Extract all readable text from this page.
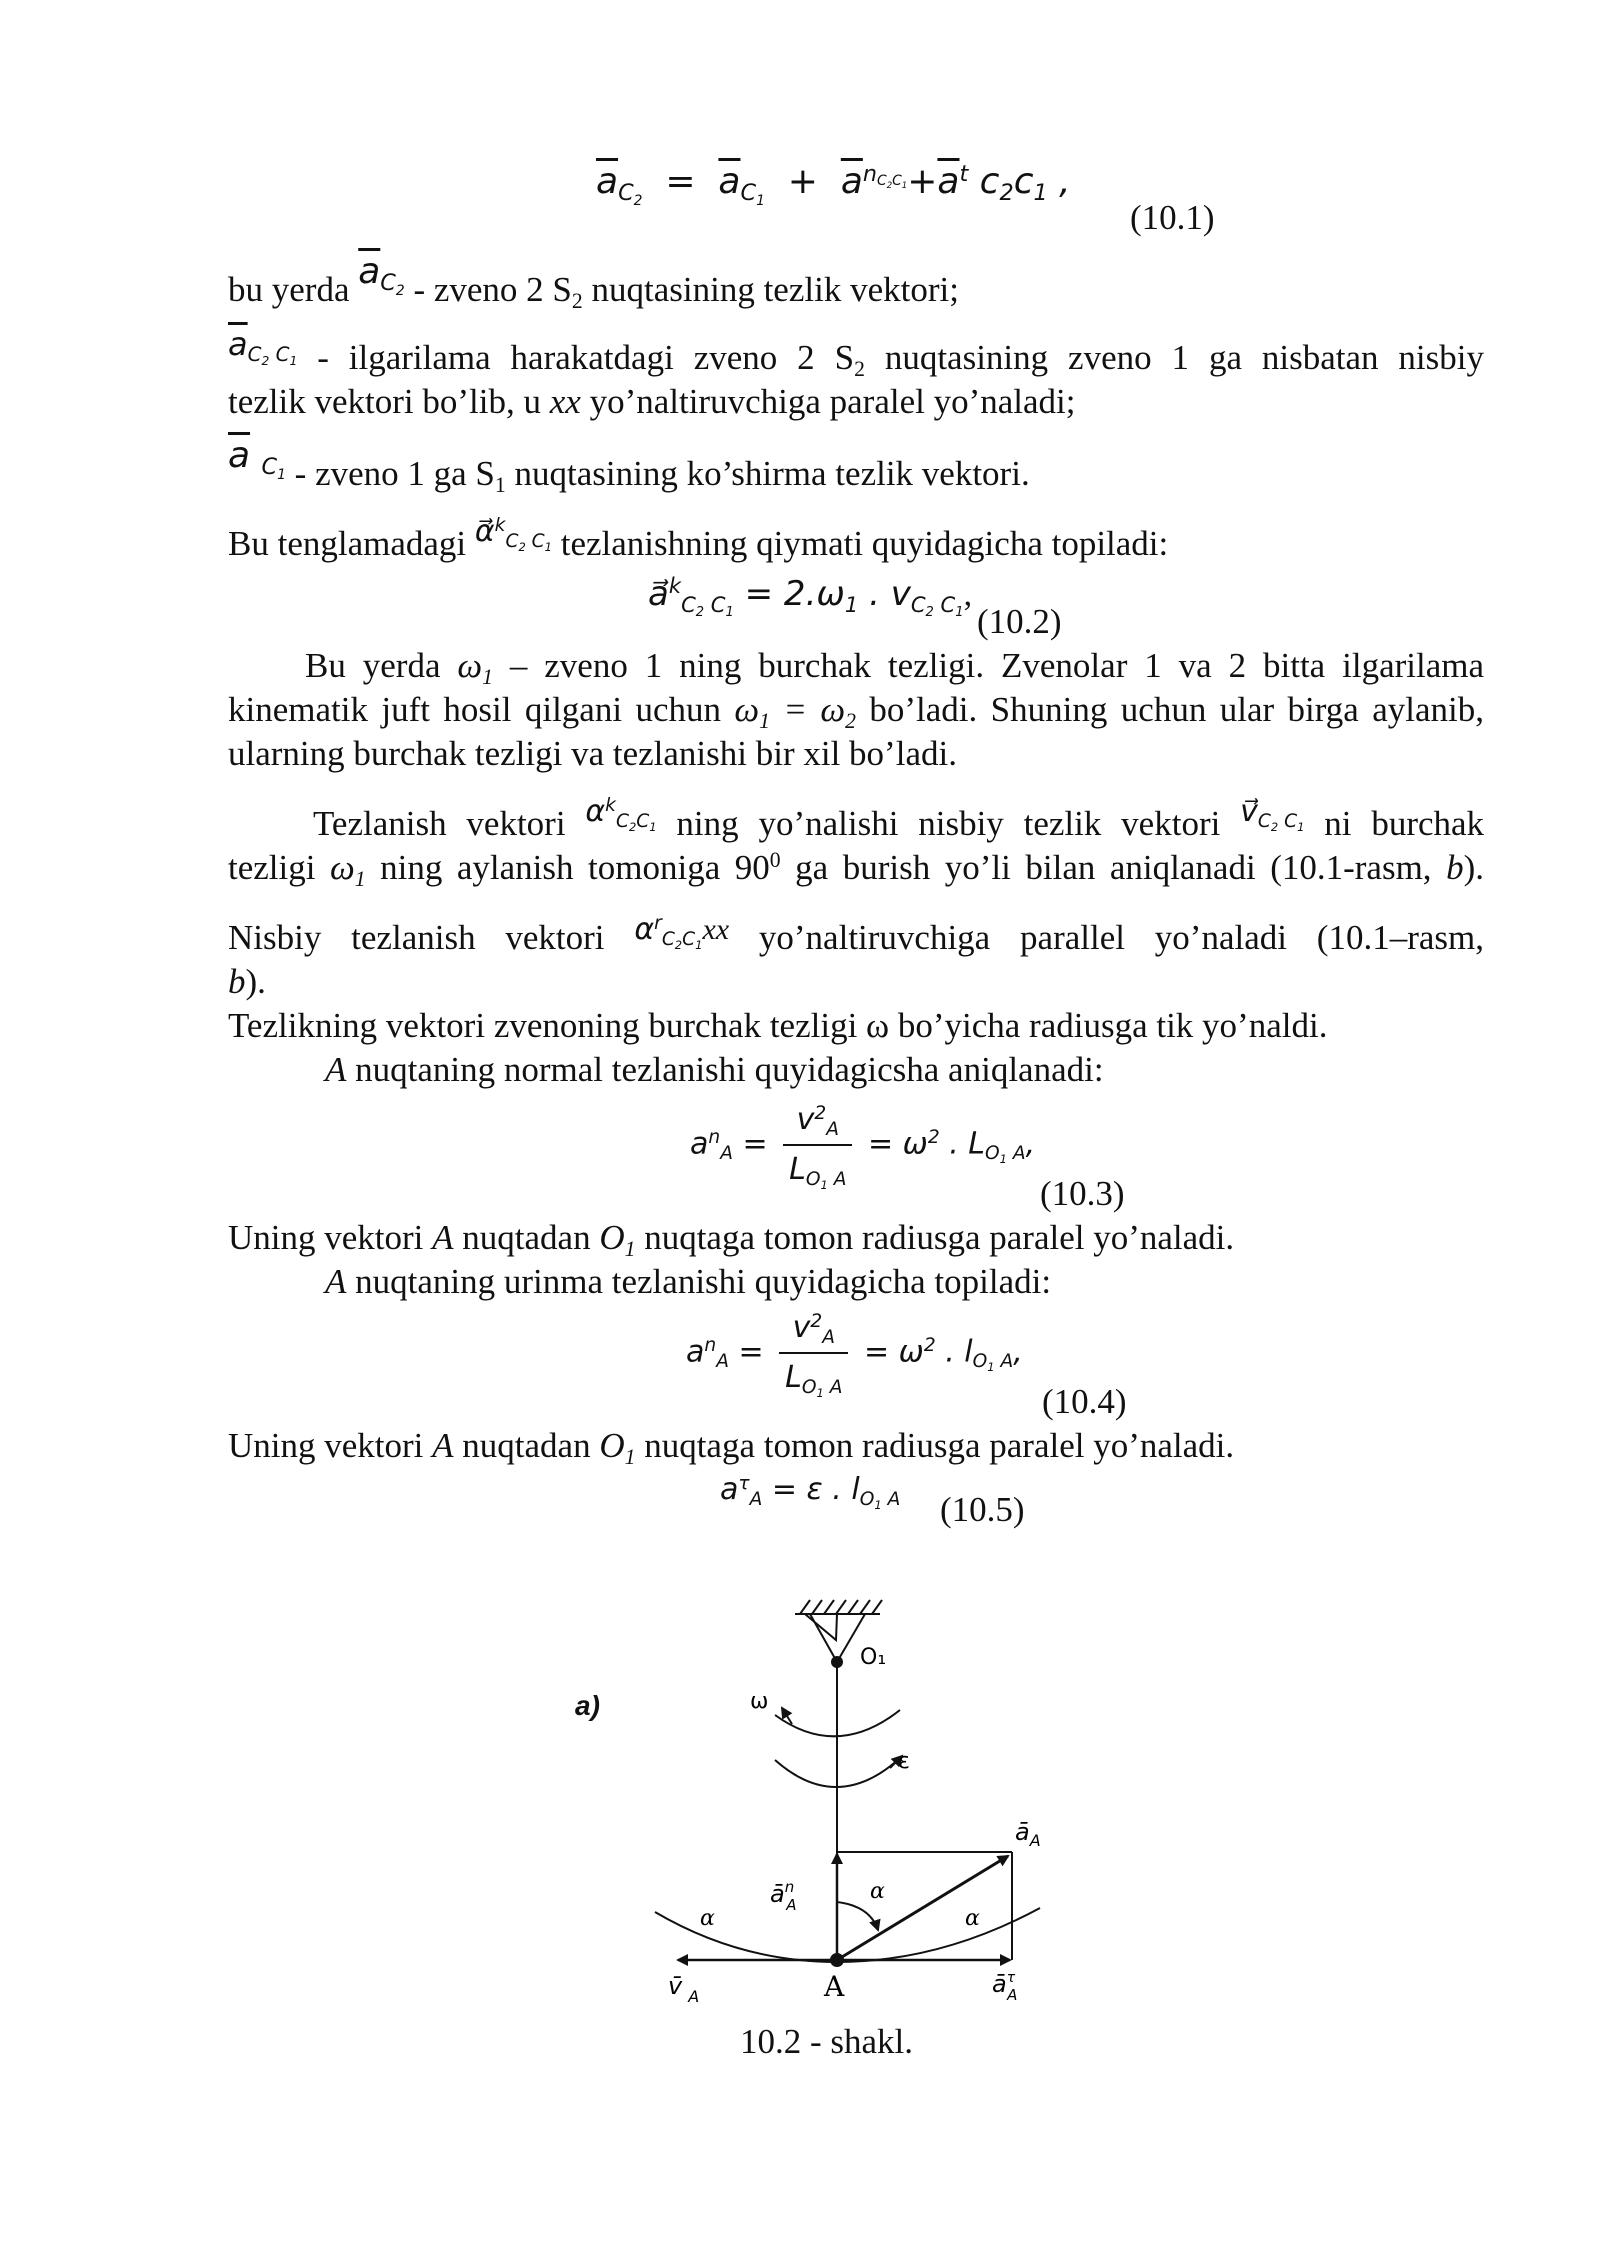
$\overline{a}_{C_2} = \overline{a}_{C_1} + \overline{a}^{n_{C_2C_1}}+\overline{a}^t$ $c_2c_1$ ,
(10.1)
bu yerda $\overline{a}_{C_2}$ - zveno 2 $S_2$ nuqtasining tezlik vektori;
$\overline{a}_{C_2 C_1}$ - ilgarilama harakatdagi zveno 2 $S_2$ nuqtasining zveno 1 ga nisbatan nisbiy
tezlik vektori bo’lib, u xx yo’naltiruvchiga paralel yo’naladi;
$\overline{a}$ $_{C_1}$ - zveno 1 ga $S_1$ nuqtasining ko’shirma tezlik vektori.
Bu tenglamadagi α⃗$^k_{C_2 C_1}$ tezlanishning qiymati quyidagicha topiladi:
a⃗$^k_{C_2 C_1}$ = $2.\omega_1$ . $v_{C_2 C_1}$,
(10.2)
Bu yerda $\omega_1$ – zveno 1 ning burchak tezligi. Zvenolar 1 va 2 bitta ilgarilama
kinematik juft hosil qilgani uchun $\omega_1 = \omega_2$ bo’ladi. Shuning uchun ular birga aylanib,
ularning burchak tezligi va tezlanishi bir xil bo’ladi.
Tezlanish vektori $\alpha^k_{C_2C_1}$ ning yo’nalishi nisbiy tezlik vektori $v⃗_{C_2 C_1}$ ni burchak
tezligi $\omega_1$ ning aylanish tomoniga $90^0$ ga burish yo’li bilan aniqlanadi (10.1-rasm, b).
Nisbiy tezlanish vektori $\alpha^r_{C_2C_1}xx$ yo’naltiruvchiga parallel yo’naladi (10.1–rasm,
b).
Tezlikning vektori zvenoning burchak tezligi ω bo’yicha radiusga tik yo’naldi.
A nuqtaning normal tezlanishi quyidagicsha aniqlanadi:
$a^n_A = \frac{v^2_A}{L_{O_1 A}} = \omega^2$ . $L_{O_1 A}$,
(10.3)
Uning vektori A nuqtadan $O_1$ nuqtaga tomon radiusga paralel yo’naladi.
A nuqtaning urinma tezlanishi quyidagicha topiladi:
$a^n_A = \frac{v^2_A}{L_{O_1 A}} = \omega^2$ . $l_{O_1 A}$,
(10.4)
Uning vektori A nuqtadan $O_1$ nuqtaga tomon radiusga paralel yo’naladi.
$a^\tau_A = \varepsilon$ . $l_{O_1 A}$ (10.5)
a)
O₁
ω
ε
$ā_A$
$ā^n$ A
α
α	α
v̄ $_A$	A	$ā^\tau$ A
10.2 - shakl.
